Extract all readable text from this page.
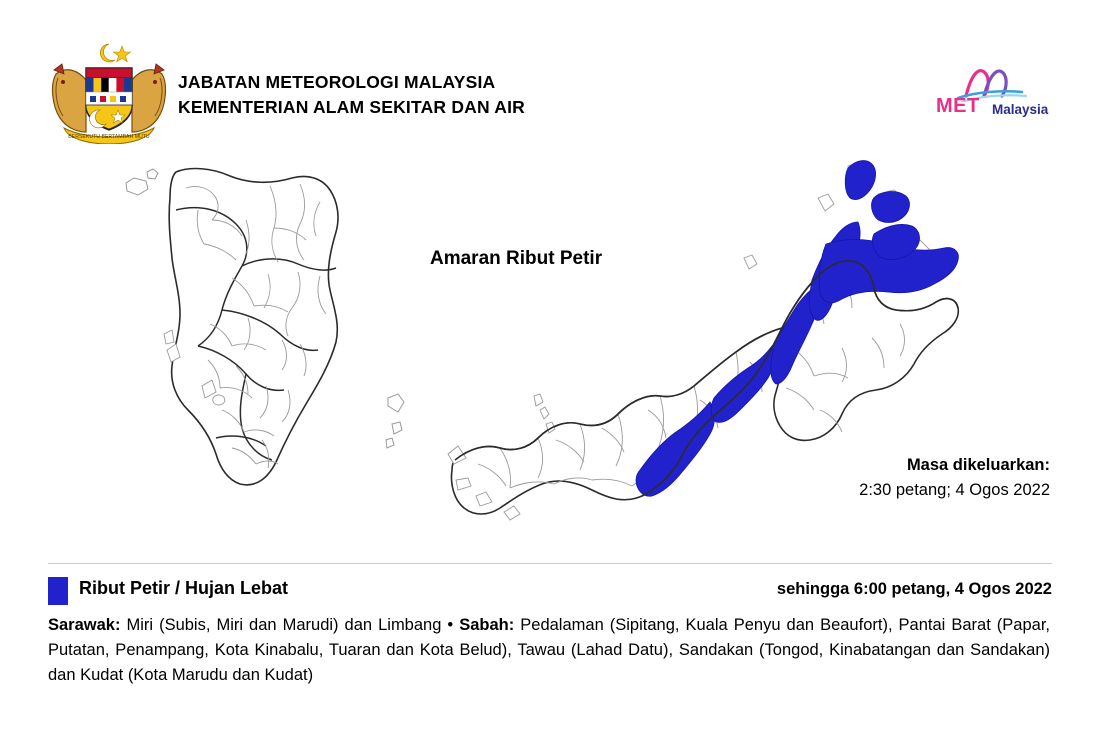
BERSEKUTU BERTAMBAH MUTU
JABATAN METEOROLOGI MALAYSIA
KEMENTERIAN ALAM SEKITAR DAN AIR	MET Malaysia
Amaran Ribut Petir
Masa dikeluarkan:
2:30 petang; 4 Ogos 2022
Ribut Petir / Hujan Lebat	sehingga 6:00 petang, 4 Ogos 2022
Sarawak: Miri (Subis, Miri dan Marudi) dan Limbang • Sabah: Pedalaman (Sipitang, Kuala Penyu dan Beaufort), Pantai Barat (Papar, Putatan, Penampang, Kota Kinabalu, Tuaran dan Kota Belud), Tawau (Lahad Datu), Sandakan (Tongod, Kinabatangan dan Sandakan) dan Kudat (Kota Marudu dan Kudat)
